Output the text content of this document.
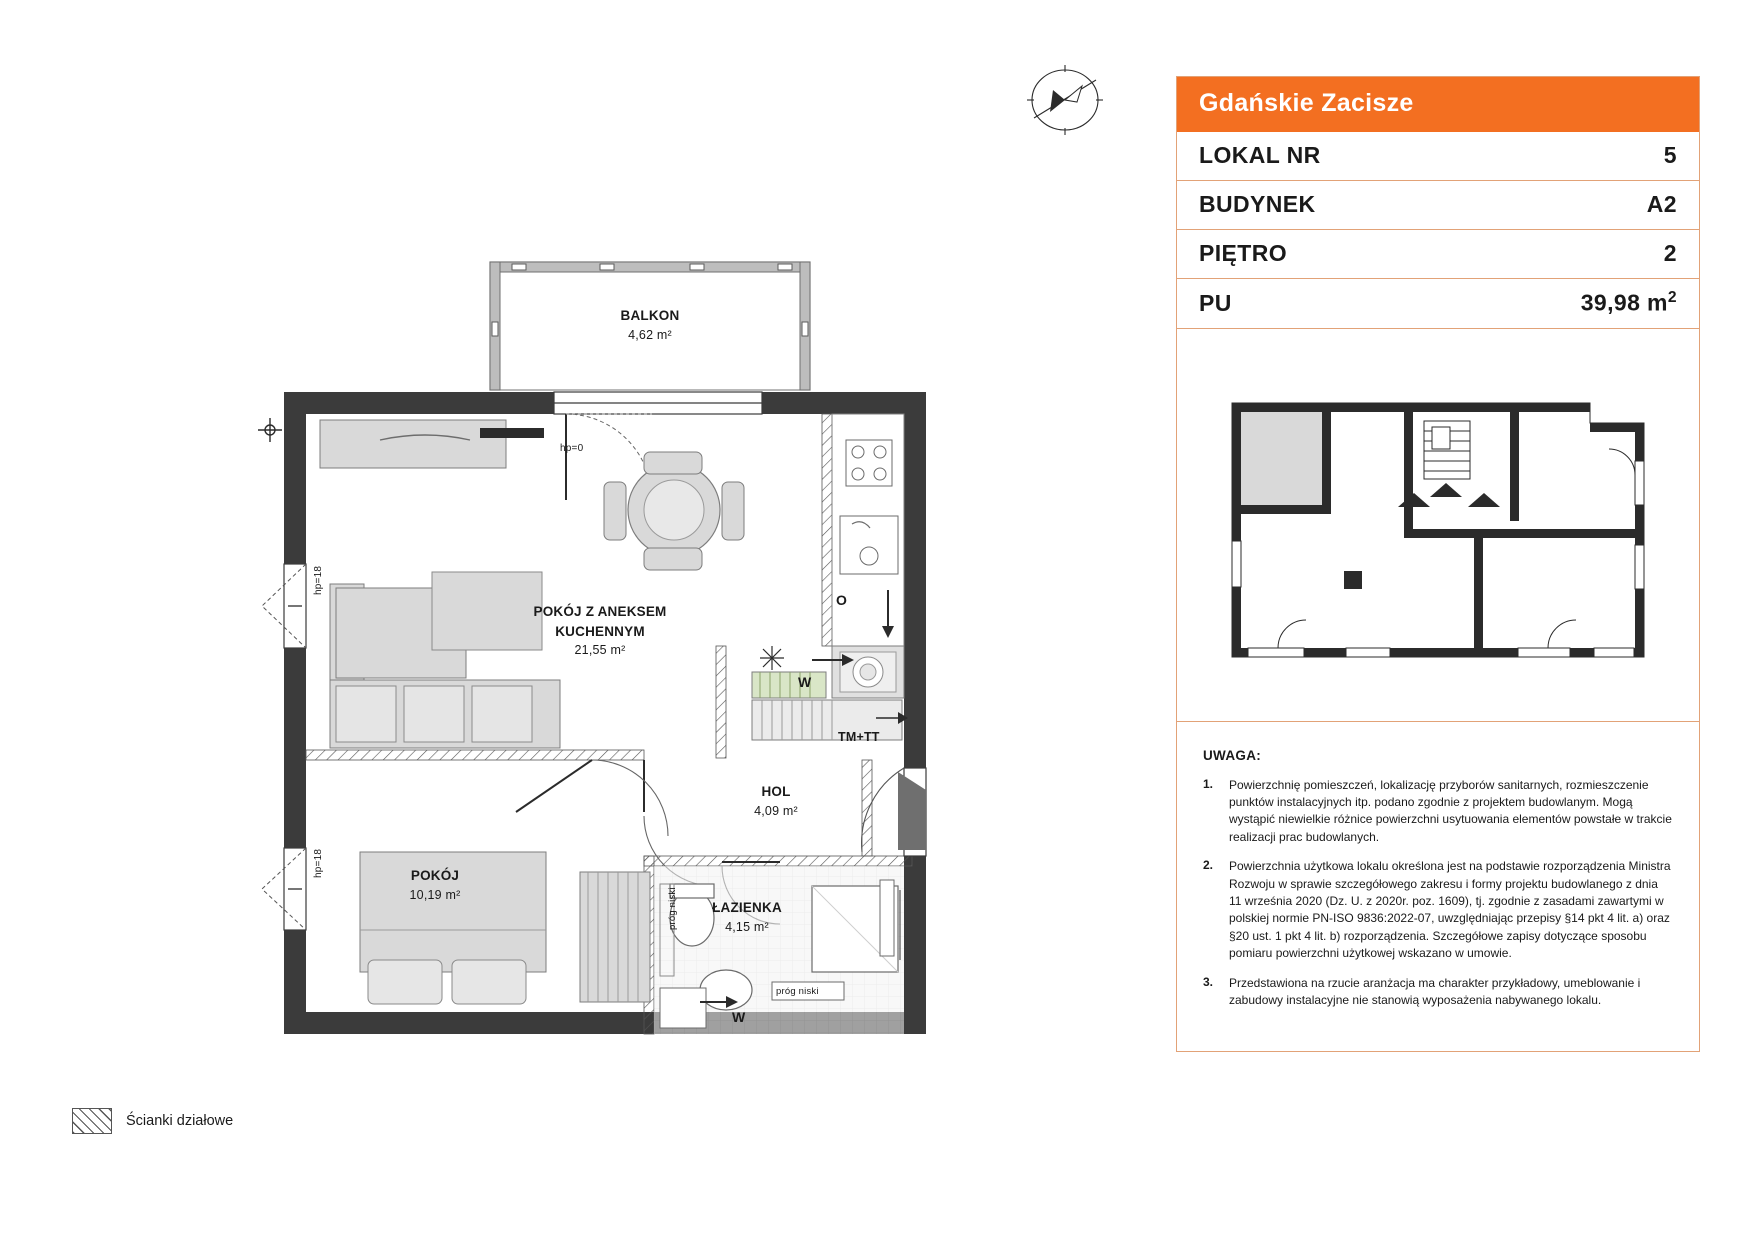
BALKON
4,62 m²
POKÓJ Z ANEKSEM
KUCHENNYM
21,55 m²
HOL
4,09 m²
ŁAZIENKA
4,15 m²
POKÓJ
10,19 m²
hp=0
hp=18
hp=18
O
W
TM+TT
W
próg niski
próg niski
Ścianki działowe
Gdańskie Zacisze
LOKAL NR	5
BUDYNEK	A2
PIĘTRO	2
PU	39,98 $m^2$
UWAGA:
1.	Powierzchnię pomieszczeń, lokalizację przyborów sanitarnych, rozmieszczenie punktów instalacyjnych itp. podano zgodnie z projektem budowlanym. Mogą wystąpić niewielkie różnice powierzchni usytuowania elementów powstałe w trakcie realizacji prac budowlanych.
2.	Powierzchnia użytkowa lokalu określona jest na podstawie rozporządzenia Ministra Rozwoju w sprawie szczegółowego zakresu i formy projektu budowlanego z dnia 11 września 2020 (Dz. U. z 2020r. poz. 1609), tj. zgodnie z zasadami zawartymi w polskiej normie PN-ISO 9836:2022-07, uwzględniając przepisy §14 pkt 4 lit. a) oraz §20 ust. 1 pkt 4 lit. b) rozporządzenia. Szczegółowe zapisy dotyczące sposobu pomiaru powierzchni użytkowej wskazano w umowie.
3.	Przedstawiona na rzucie aranżacja ma charakter przykładowy, umeblowanie i zabudowy instalacyjne nie stanowią wyposażenia nabywanego lokalu.
